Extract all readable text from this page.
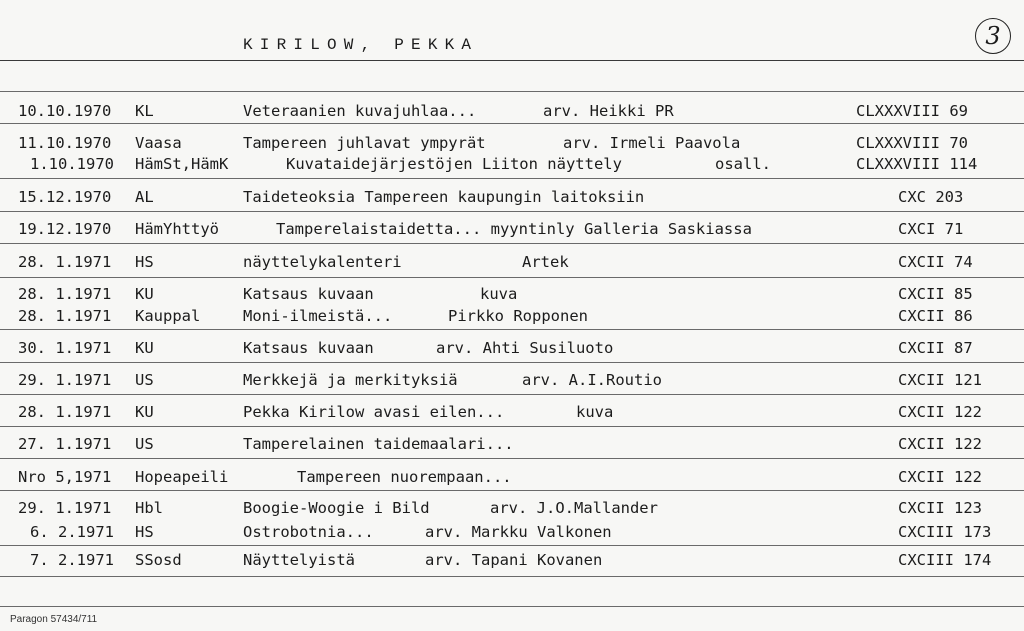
KIRILOW, PEKKA	3
10.10.1970 KL	Veteraanien kuvajuhlaa...	arv. Heikki PR	CLXXXVIII 69
11.10.1970 Vaasa	Tampereen juhlavat ympyrät	arv. Irmeli Paavola	CLXXXVIII 70
1.10.1970 HämSt,HämK	Kuvataidejärjestöjen Liiton näyttely	osall.	CLXXXVIII 114
15.12.1970 AL	Taideteoksia Tampereen kaupungin laitoksiin	CXC 203
19.12.1970 HämYhttyö	Tamperelaistaidetta... myyntinly Galleria Saskiassa	CXCI 71
28. 1.1971 HS	näyttelykalenteri	Artek	CXCII 74
28. 1.1971 KU	Katsaus kuvaan	kuva	CXCII 85
28. 1.1971 Kauppal	Moni-ilmeistä...	Pirkko Ropponen	CXCII 86
30. 1.1971 KU	Katsaus kuvaan	arv. Ahti Susiluoto	CXCII 87
29. 1.1971 US	Merkkejä ja merkityksiä	arv. A.I.Routio	CXCII 121
28. 1.1971 KU	Pekka Kirilow avasi eilen...	kuva	CXCII 122
27. 1.1971 US	Tamperelainen taidemaalari...	CXCII 122
Nro 5,1971 Hopeapeili	Tampereen nuorempaan...	CXCII 122
29. 1.1971 Hbl	Boogie-Woogie i Bild	arv. J.O.Mallander	CXCII 123
6. 2.1971 HS	Ostrobotnia...	arv. Markku Valkonen	CXCIII 173
7. 2.1971 SSosd	Näyttelyistä	arv. Tapani Kovanen	CXCIII 174
Paragon 57434/711
